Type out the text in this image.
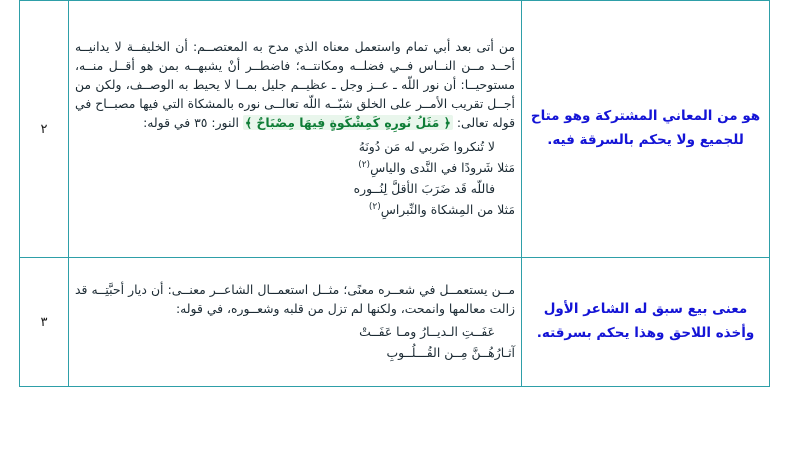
هو من المعاني المشتركة وهو متاح للجميع ولا يحكم بالسرقة فيه.	من أتى بعد أبي تمام واستعمل معناه الذي مدح به المعتصــم: أن الخليفــة لا يدانيــه أحــد مــن النــاس فــي فضلــه ومكانتــه؛ فاضطــر أنْ يشبهــه بمن هو أقــل منــه، مستوحيــا: أن نور اللّه ـ عــز وجل ـ عظيــم جليل بمــا لا يحيط به الوصــف، ولكن من أجــل تقريب الأمــر على الخلق شبّــه اللّه تعالــى نوره بالمشكاة التي فيها مصبــاح في قوله تعالى: ﴿ مَثَلُ نُورِهِ كَمِشْكَوةٍ فِيهَا مِصْبَاحٌ ﴾ النور: ٣٥ في قوله:

لا تُنكروا ضَربي له مَن دُونَهُ
مَثلا شَرودًا في النَّدى والياسِ$^{(٢)}$
فاللّه قَد ضَرَبَ الأقلَّ لِنُــوره
مَثلا من المِشكاة والنِّبراسِ$^{(٢)}$	٢
معنى بيع سبق له الشاعر الأول وأخذه اللاحق وهذا يحكم بسرقته.	مــن يستعمــل في شعــره معنًى؛ مثــل استعمــال الشاعــر معنــى: أن ديار أحبَّتِــه قد زالت معالمها وانمحت، ولكنها لم تزل من قلبه وشعــوره، في قوله:

عَفَــتِ الـديــارُ ومـا عَفَــتْ
آثـارُهُــنَّ مِــن القُـــلُــوبِ	٣
